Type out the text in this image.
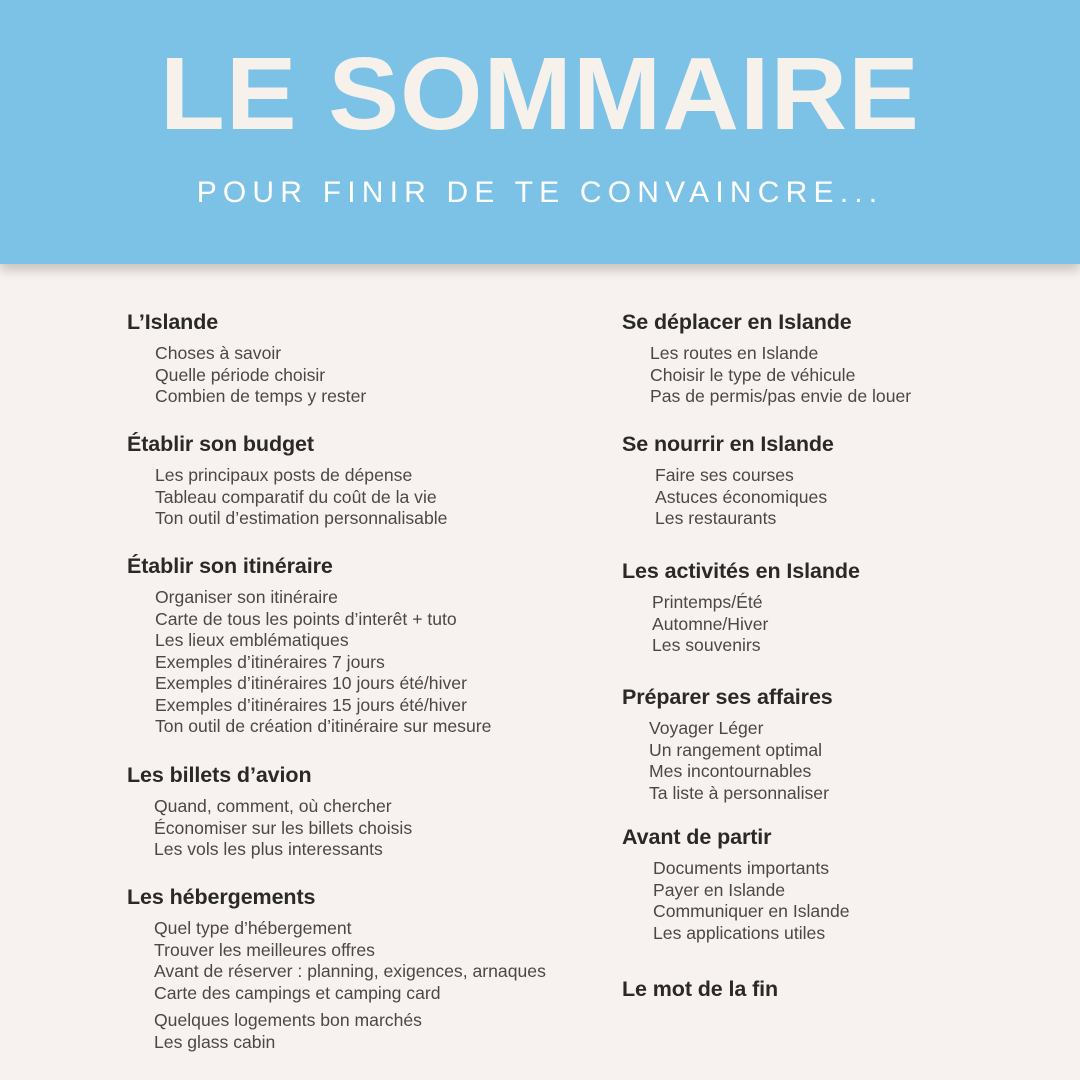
LE SOMMAIRE
POUR FINIR DE TE CONVAINCRE...
L’Islande
Choses à savoir
Quelle période choisir
Combien de temps y rester
Établir son budget
Les principaux posts de dépense
Tableau comparatif du coût de la vie
Ton outil d’estimation personnalisable
Établir son itinéraire
Organiser son itinéraire
Carte de tous les points d’interêt + tuto
Les lieux emblématiques
Exemples d’itinéraires 7 jours
Exemples d’itinéraires 10 jours été/hiver
Exemples d’itinéraires 15 jours été/hiver
Ton outil de création d’itinéraire sur mesure
Les billets d’avion
Quand, comment, où chercher
Économiser sur les billets choisis
Les vols les plus interessants
Les hébergements
Quel type d’hébergement
Trouver les meilleures offres
Avant de réserver : planning, exigences, arnaques
Carte des campings et camping card
Quelques logements bon marchés
Les glass cabin
Se déplacer en Islande
Les routes en Islande
Choisir le type de véhicule
Pas de permis/pas envie de louer
Se nourrir en Islande
Faire ses courses
Astuces économiques
Les restaurants
Les activités en Islande
Printemps/Été
Automne/Hiver
Les souvenirs
Préparer ses affaires
Voyager Léger
Un rangement optimal
Mes incontournables
Ta liste à personnaliser
Avant de partir
Documents importants
Payer en Islande
Communiquer en Islande
Les applications utiles
Le mot de la fin
